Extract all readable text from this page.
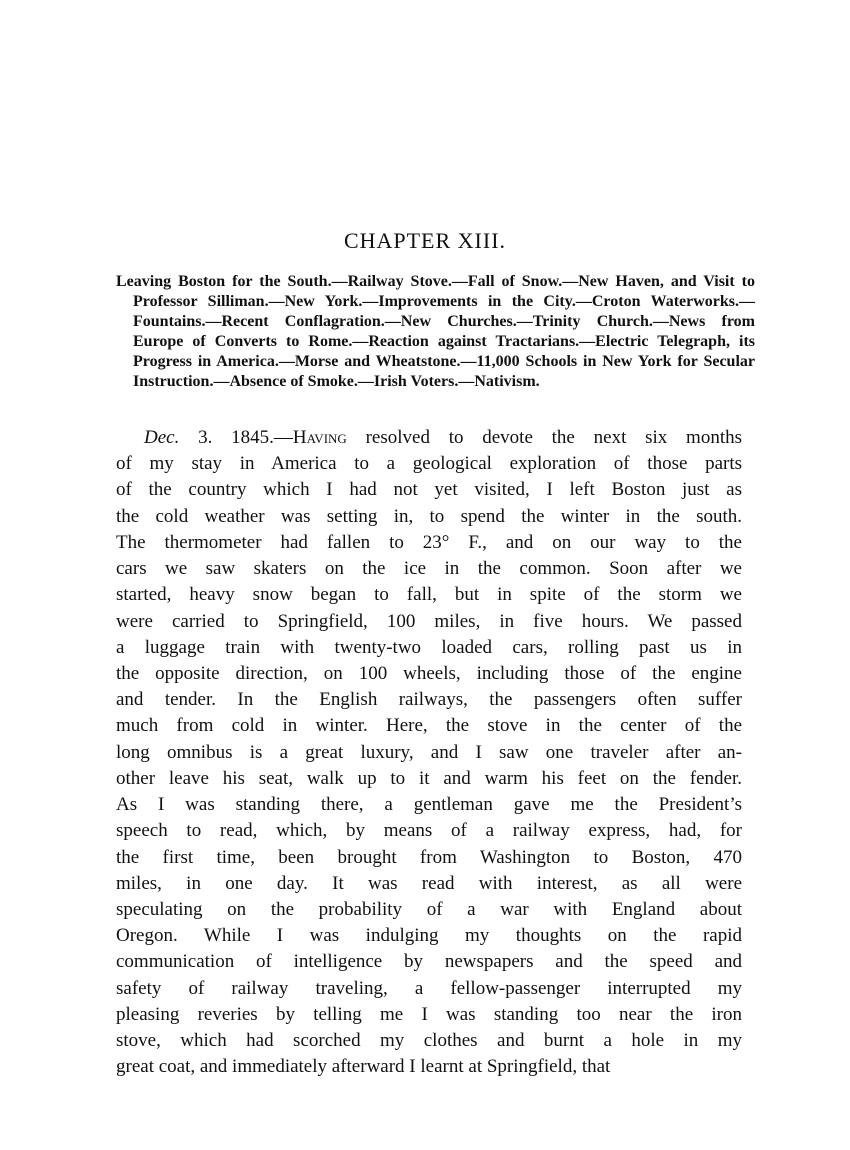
CHAPTER XIII.

Leaving Boston for the South.—Railway Stove.—Fall of Snow.—New Haven, and Visit to Professor Silliman.—New York.—Improvements in the City.—Croton Waterworks.—Fountains.—Recent Conflagration.—New Churches.—Trinity Church.—News from Europe of Converts to Rome.—Reaction against Tractarians.—Electric Telegraph, its Progress in America.—Morse and Wheatstone.—11,000 Schools in New York for Secular Instruction.—Absence of Smoke.—Irish Voters.—Nativism.

Dec. 3. 1845.—Having resolved to devote the next six months
of my stay in America to a geological exploration of those parts
of the country which I had not yet visited, I left Boston just as
the cold weather was setting in, to spend the winter in the south.
The thermometer had fallen to 23° F., and on our way to the
cars we saw skaters on the ice in the common. Soon after we
started, heavy snow began to fall, but in spite of the storm we
were carried to Springfield, 100 miles, in five hours. We passed
a luggage train with twenty-two loaded cars, rolling past us in
the opposite direction, on 100 wheels, including those of the engine
and tender. In the English railways, the passengers often suffer
much from cold in winter. Here, the stove in the center of the
long omnibus is a great luxury, and I saw one traveler after an-
other leave his seat, walk up to it and warm his feet on the fender.
As I was standing there, a gentleman gave me the President’s
speech to read, which, by means of a railway express, had, for
the first time, been brought from Washington to Boston, 470
miles, in one day. It was read with interest, as all were
speculating on the probability of a war with England about
Oregon. While I was indulging my thoughts on the rapid
communication of intelligence by newspapers and the speed and
safety of railway traveling, a fellow-passenger interrupted my
pleasing reveries by telling me I was standing too near the iron
stove, which had scorched my clothes and burnt a hole in my
great coat, and immediately afterward I learnt at Springfield, that
